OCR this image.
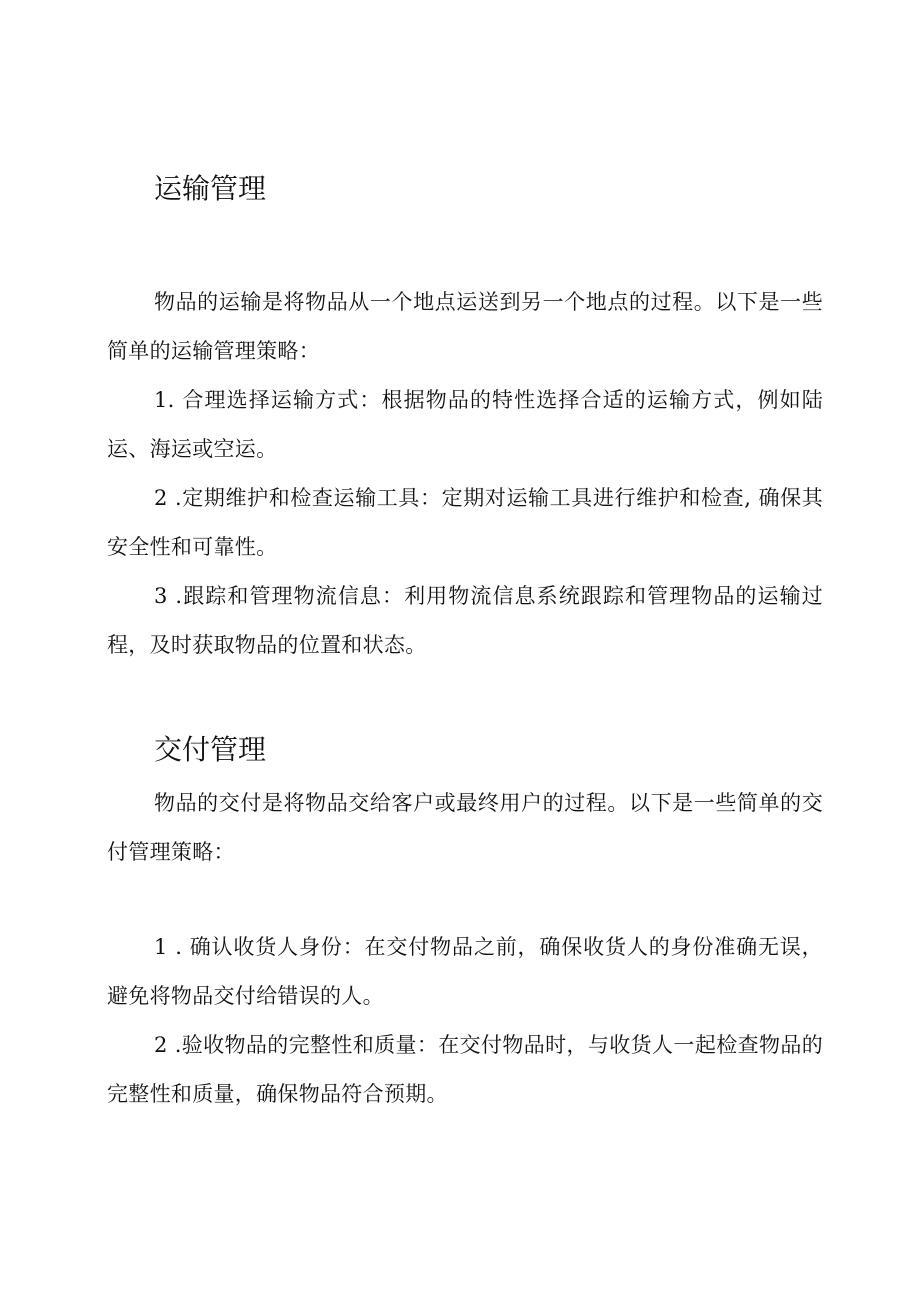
运输管理

物品的运输是将物品从一个地点运送到另一个地点的过程。以下是一些简单的运输管理策略：

1. 合理选择运输方式：根据物品的特性选择合适的运输方式，例如陆运、海运或空运。

2 .定期维护和检查运输工具：定期对运输工具进行维护和检查, 确保其安全性和可靠性。

3 .跟踪和管理物流信息：利用物流信息系统跟踪和管理物品的运输过程，及时获取物品的位置和状态。

交付管理

物品的交付是将物品交给客户或最终用户的过程。以下是一些简单的交付管理策略：

1 . 确认收货人身份：在交付物品之前，确保收货人的身份准确无误，避免将物品交付给错误的人。

2 .验收物品的完整性和质量：在交付物品时，与收货人一起检查物品的完整性和质量，确保物品符合预期。
